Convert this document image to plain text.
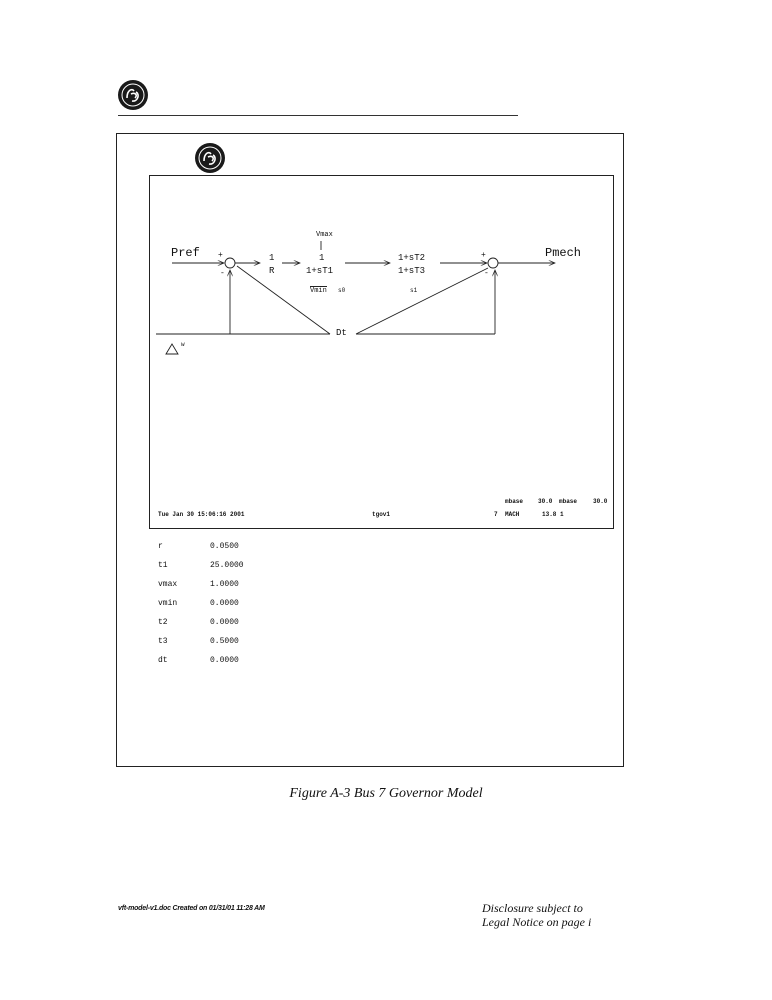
Pref	Pmech
+
-
+
-
1
R
Vmax
1
1+sT1
Vmin s0
1+sT2
1+sT3
s1
Dt
w
mbase 30.0 mbase	30.0
Tue Jan 30 15:06:16 2001	tgov1	7 MACH	13.8 1
r	0.0500
t1	25.0000
vmax	1.0000
vmin	0.0000
t2	0.0000
t3	0.5000
dt	0.0000
Figure A-3 Bus 7 Governor Model
vft-model-v1.doc Created on 01/31/01 11:28 AM	Disclosure subject to
Legal Notice on page i
